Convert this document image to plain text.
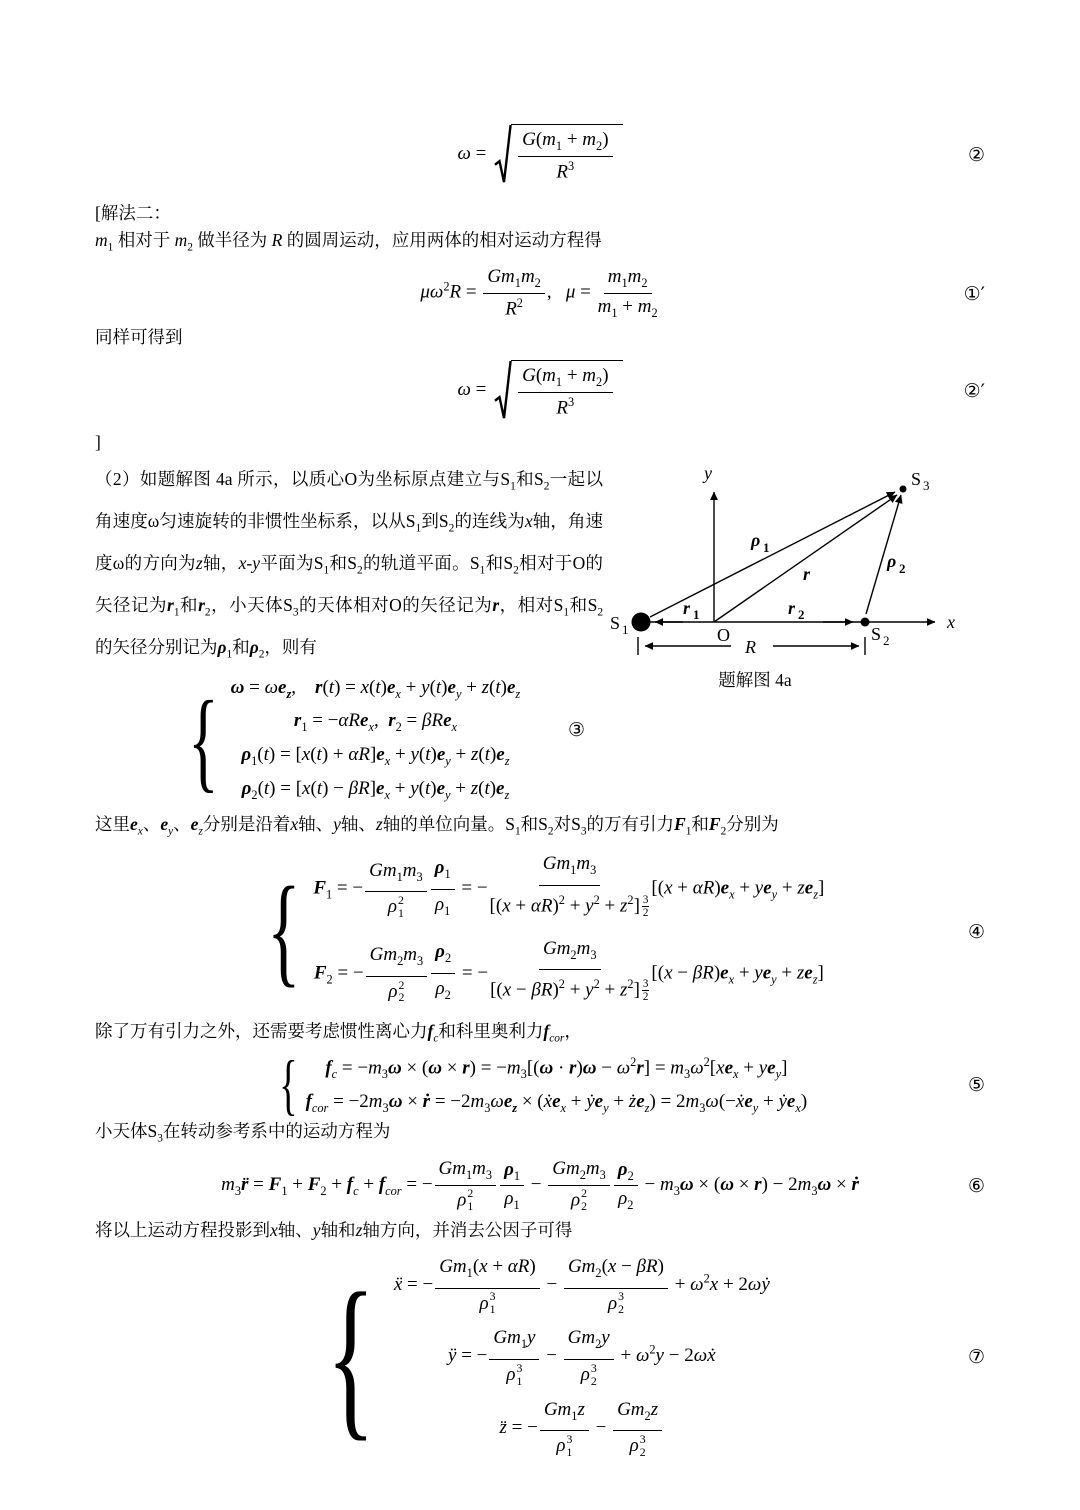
ω =
$G(m_1 + m_2)$
$R^3$
②

[解法二：

$m_1$ 相对于 $m_2$ 做半径为 R 的圆周运动，应用两体的相对运动方程得

$\mu\omega^2R = \frac{Gm_1m_2}{R^2}$ ,   $\mu = \frac{m_1m_2}{m_1 + m_2}$	①′

同样可得到

ω =
$G(m_1 + m_2)$
$R^3$
②′

]

（2）如题解图 4a 所示，以质心O为坐标原点建立与$S_1$和$S_2$一起以角速度ω匀速旋转的非惯性坐标系，以从$S_1$到$S_2$的连线为x轴，角速度ω的方向为z轴，x-y平面为$S_1$和$S_2$的轨道平面。$S_1$和$S_2$相对于O的矢径记为$r_1$和$r_2$，小天体$S_3$的天体相对O的矢径记为r，相对$S_1$和$S_2$的矢径分别记为$\rho_1$和$\rho_2$，则有

{ $\omega = \omega e_z$,    $r(t) = x(t)e_x + y(t)e_y + z(t)e_z$
$r_1 = -\alpha Re_x$,  $r_2 = \beta Re_x$
$\rho_1(t) = [x(t) + \alpha R]e_x + y(t)e_y + z(t)e_z$
$\rho_2(t) = [x(t) - \beta R]e_x + y(t)e_y + z(t)e_z$
③
y
x
O
S 1	S 2
S 3
r 1	r 2
ρ 1
ρ 2
r
R
题解图 4a

这里$e_x$、$e_y$、$e_z$分别是沿着x轴、y轴、z轴的单位向量。$S_1$和$S_2$对$S_3$的万有引力$F_1$和$F_2$分别为

{ $F_1$ = − $Gm_1m_3$
ρ 2
$1 \frac{\rho_1}{\rho_1}$ = − $\frac{Gm_1m_3}{[(x + \alpha R)^2 + y^2 + z^2] \frac{3}{2}} [(x + \alpha R)e_x + ye_y + ze_z]$
$F_2$ = − $Gm_2m_3$
ρ 2
$2 \frac{\rho_2}{\rho_2}$ = − $\frac{Gm_2m_3}{[(x - \beta R)^2 + y^2 + z^2] \frac{3}{2}} [(x - \beta R)e_x + ye_y + ze_z]$
④

除了万有引力之外，还需要考虑惯性离心力$f_c$和科里奥利力$f_{cor}$，

{ $f_c = -m_3\omega \times (\omega \times r) = -m_3[(\omega \cdot r)\omega - \omega^2r] = m_3\omega^2[xe_x + ye_y]$
$f_{cor} = -2m_3\omega$ × ṙ = $-2m_3\omega e_z$ × (ẋe$_x$ + ẏe$_y$ + $że_z$) = $2m_3\omega(-ẋe_y$ + ẏe$_x$)
⑤

小天体$S_3$在转动参考系中的运动方程为

$m_3r̈ = F_1 + F_2 + f_c + f_{cor}$ = − $Gm_1m_3$
ρ 2
$1 \frac{\rho_1}{\rho_1} - Gm_2m_3$
ρ 2
$2 \frac{\rho_2}{\rho_2} - m_3\omega \times (\omega \times r) - 2m_3\omega$ × ṙ	⑥

将以上运动方程投影到x轴、y轴和z轴方向，并消去公因子可得

{ ẍ = − $Gm_1(x + \alpha R)$
ρ 3
$1 - Gm_2(x - \beta R)$
ρ 3
$2 + \omega^2x$ + 2ωẏ
ÿ = − $Gm_1y$
ρ 3
$1 - Gm_2y$
ρ 3
$2 + \omega^2y$ − 2ωẋ
z̈ = − $Gm_1z$
ρ 3
$1 - Gm_2z$
ρ 3
2
⑦
